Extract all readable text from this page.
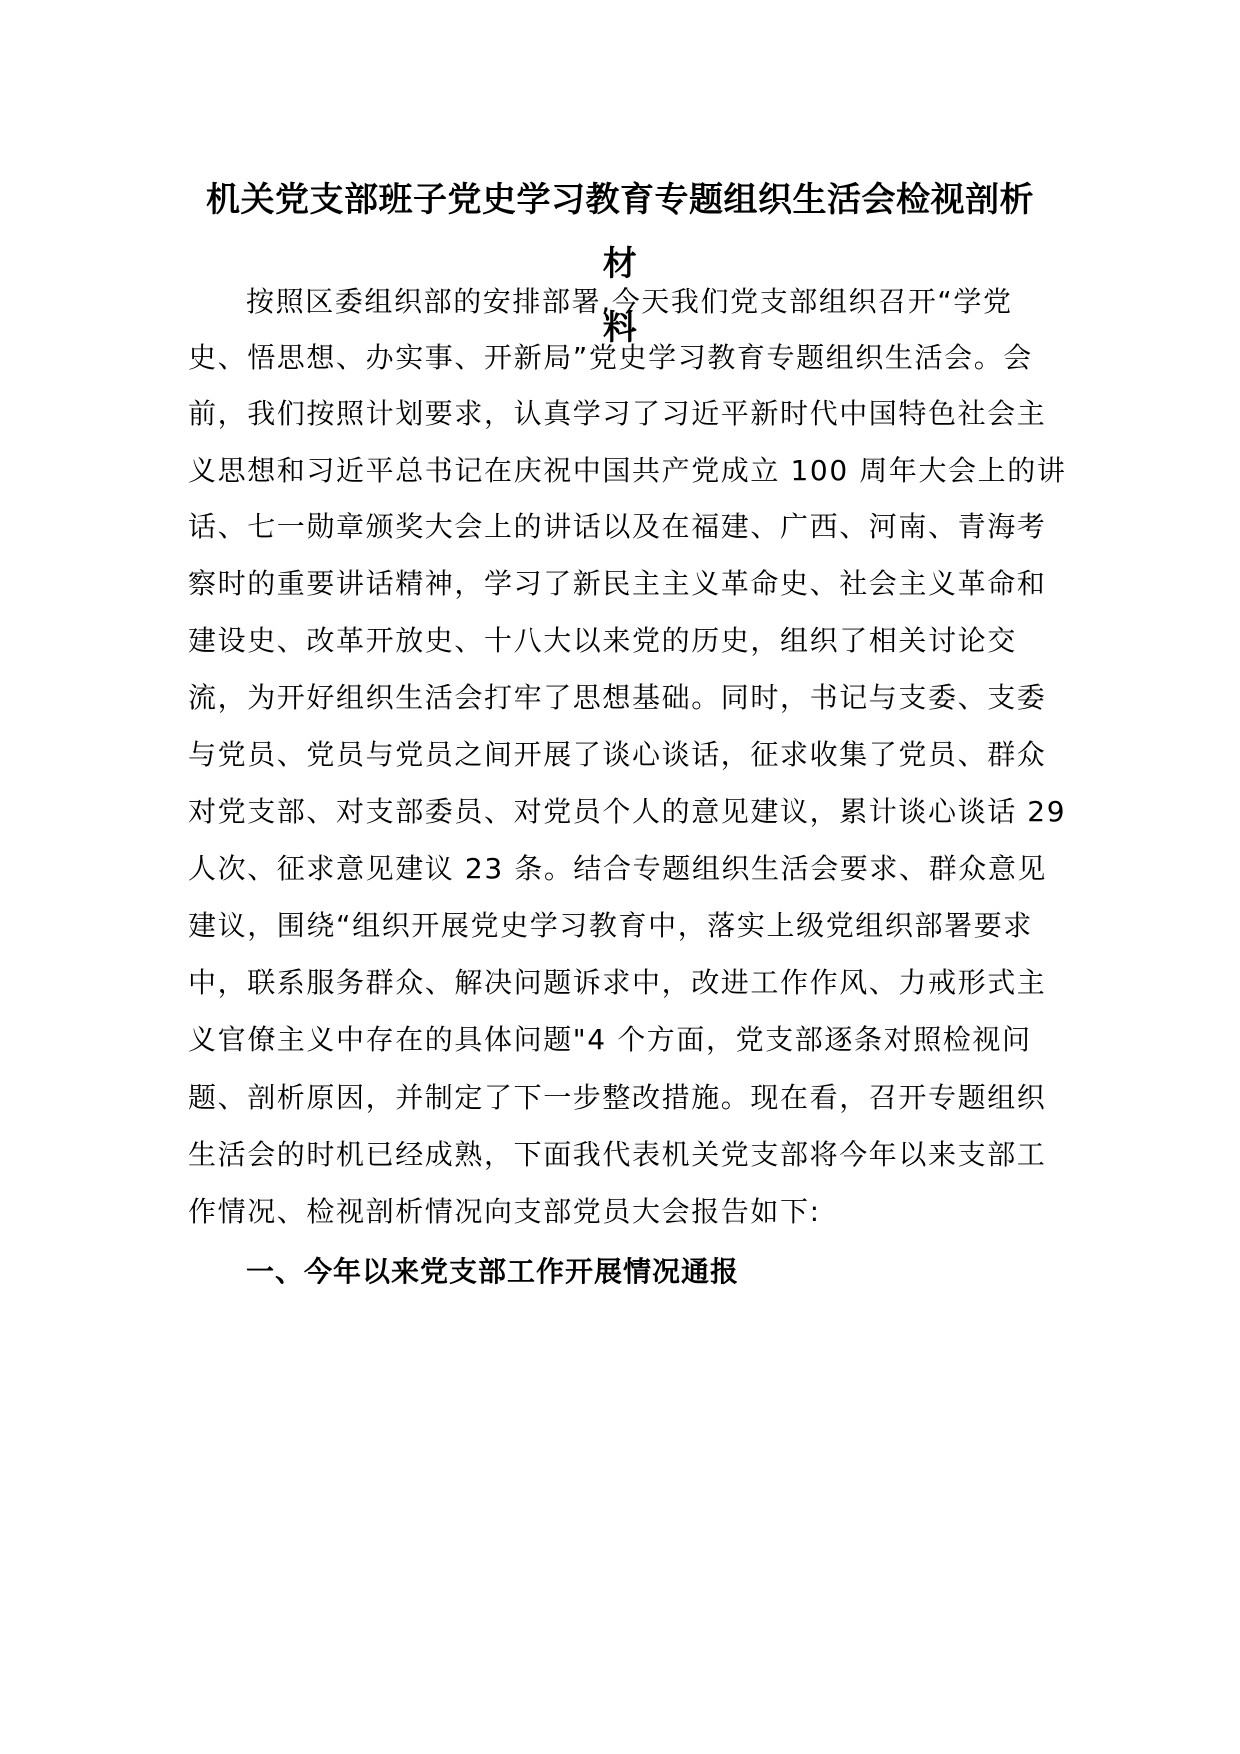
机关党支部班子党史学习教育专题组织生活会检视剖析材
料
按照区委组织部的安排部署,今天我们党支部组织召开“学党
史、悟思想、办实事、开新局”党史学习教育专题组织生活会。会
前，我们按照计划要求，认真学习了习近平新时代中国特色社会主
义思想和习近平总书记在庆祝中国共产党成立 100 周年大会上的讲
话、七一勋章颁奖大会上的讲话以及在福建、广西、河南、青海考
察时的重要讲话精神，学习了新民主主义革命史、社会主义革命和
建设史、改革开放史、十八大以来党的历史，组织了相关讨论交
流，为开好组织生活会打牢了思想基础。同时，书记与支委、支委
与党员、党员与党员之间开展了谈心谈话，征求收集了党员、群众
对党支部、对支部委员、对党员个人的意见建议，累计谈心谈话 29
人次、征求意见建议 23 条。结合专题组织生活会要求、群众意见
建议，围绕“组织开展党史学习教育中，落实上级党组织部署要求
中，联系服务群众、解决问题诉求中，改进工作作风、力戒形式主
义官僚主义中存在的具体问题"4 个方面，党支部逐条对照检视问
题、剖析原因，并制定了下一步整改措施。现在看，召开专题组织
生活会的时机已经成熟，下面我代表机关党支部将今年以来支部工
作情况、检视剖析情况向支部党员大会报告如下:
一、今年以来党支部工作开展情况通报
